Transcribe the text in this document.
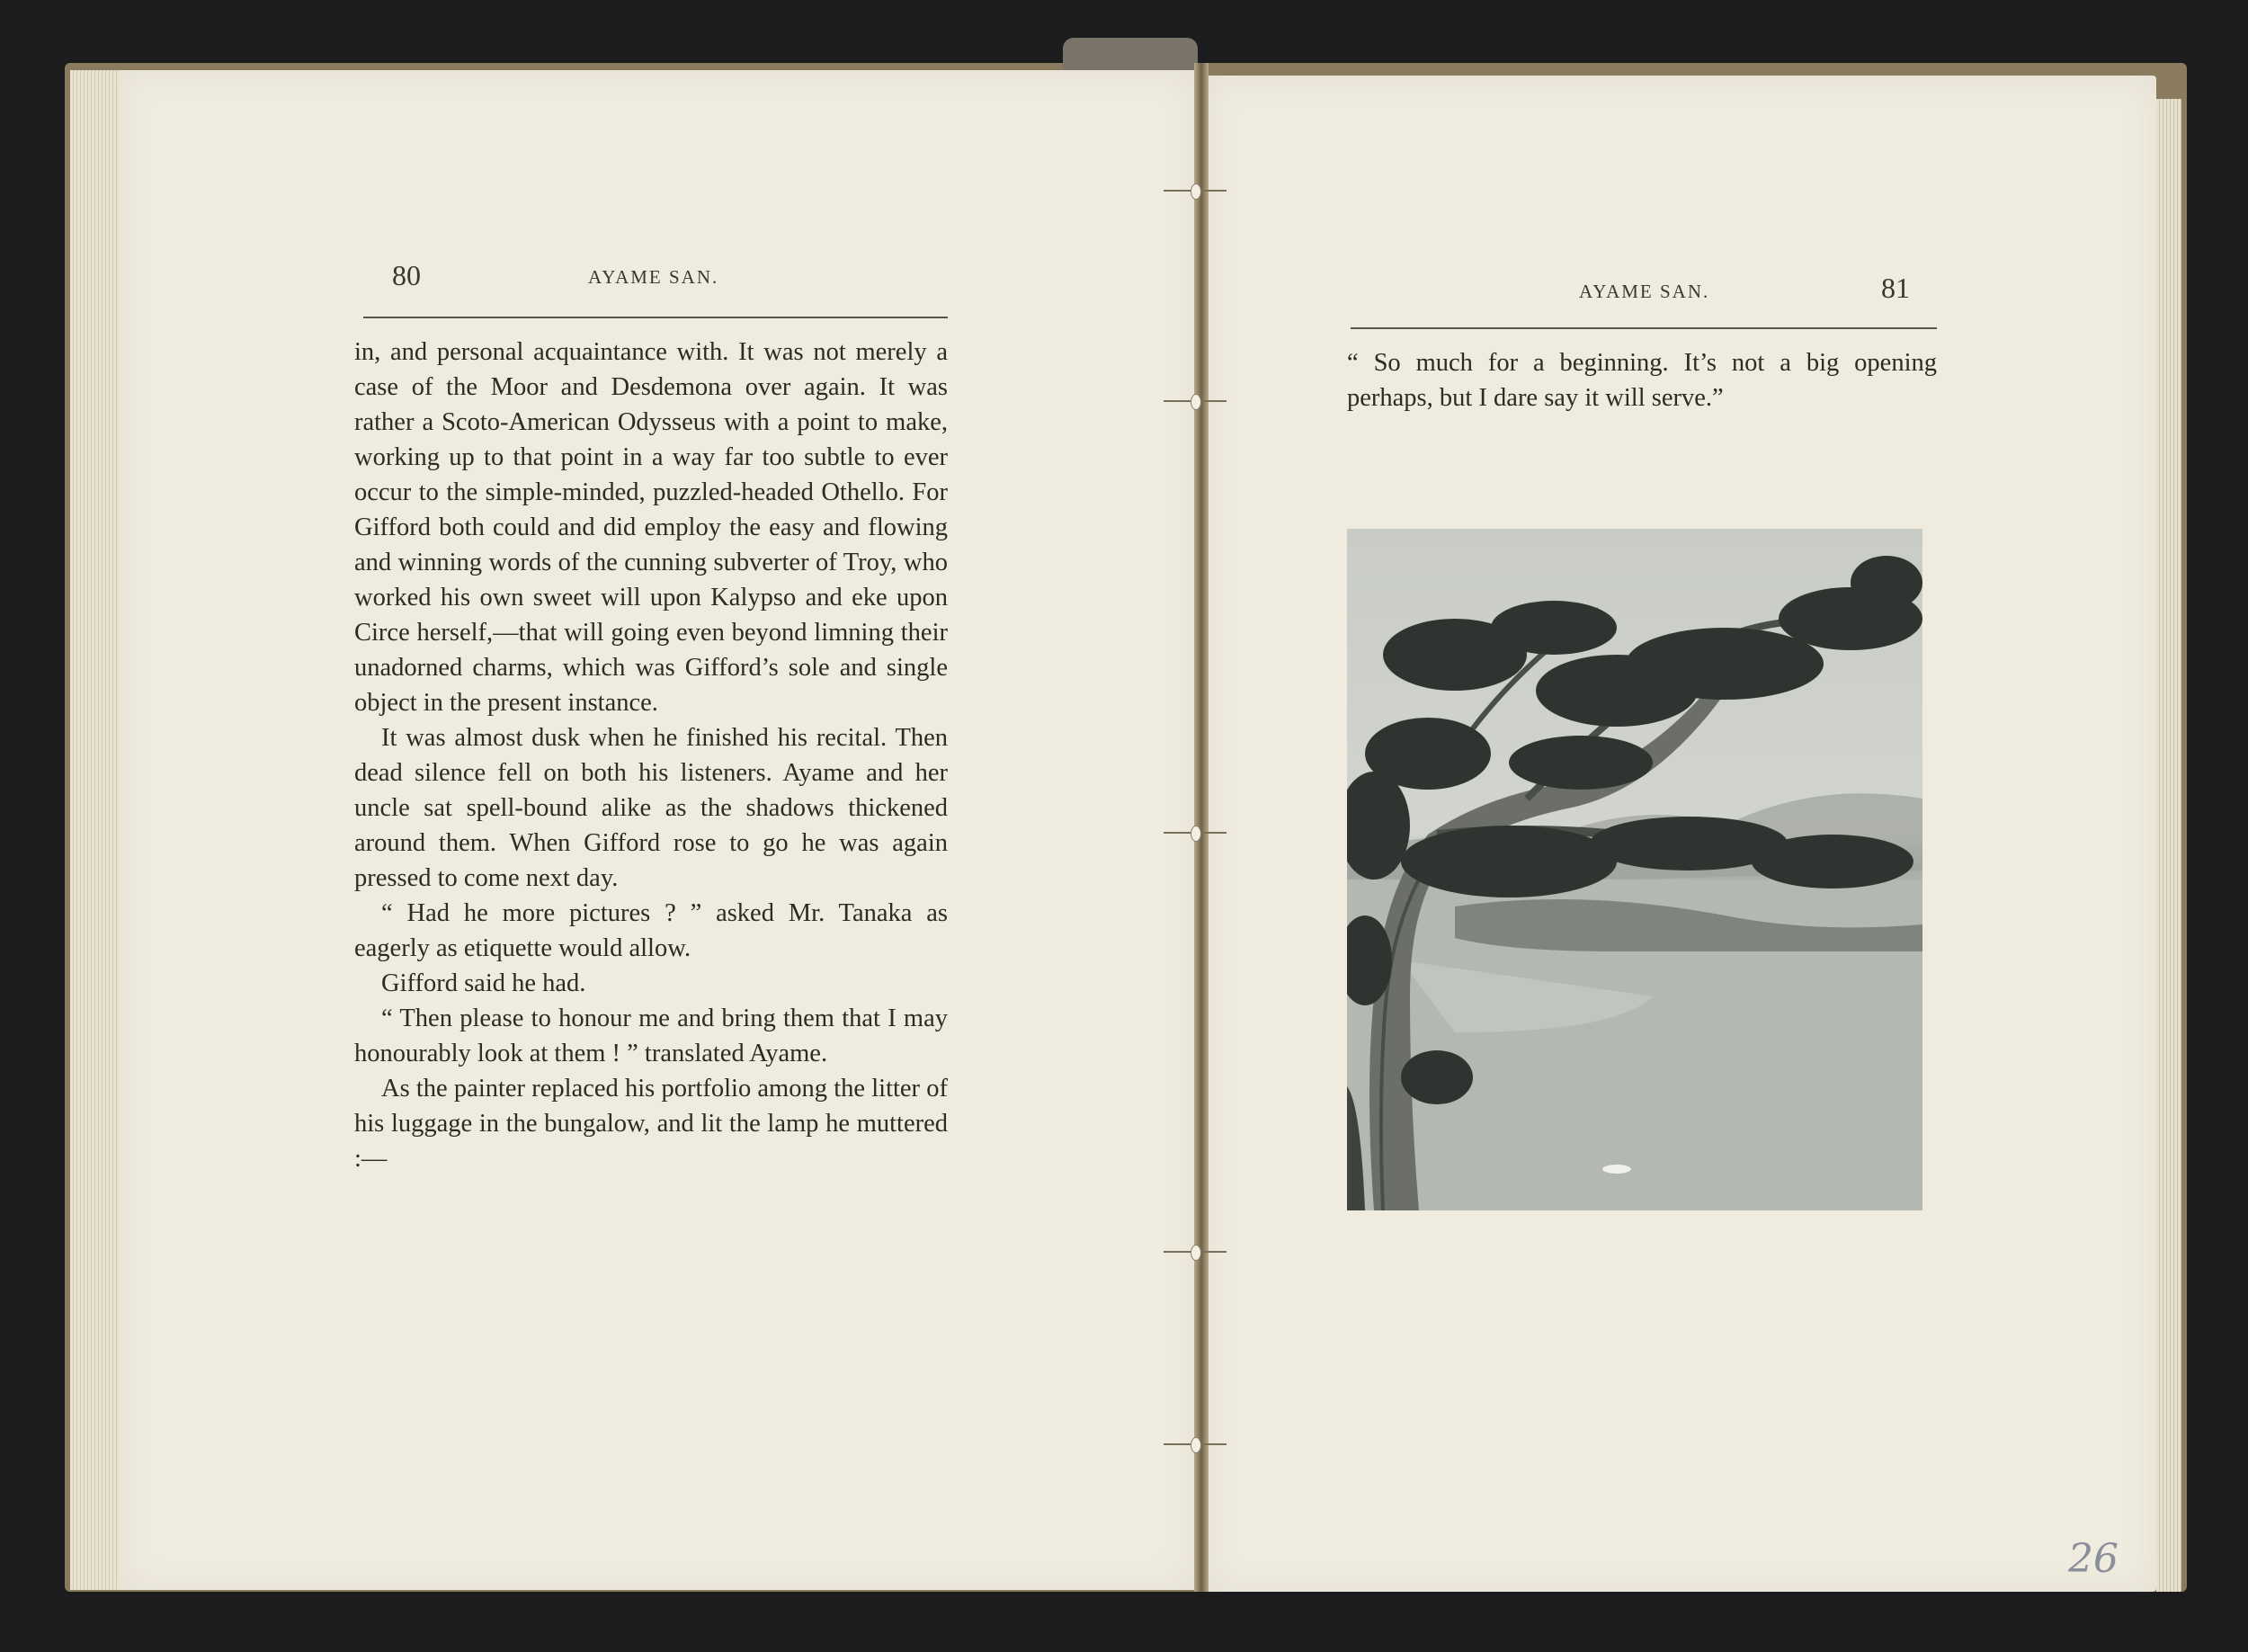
80	AYAME SAN.

in, and personal acquaintance with. It was not merely a case of the Moor and Desdemona over again. It was rather a Scoto-American Odysseus with a point to make, working up to that point in a way far too subtle to ever occur to the simple-minded, puzzled-headed Othello. For Gifford both could and did employ the easy and flowing and winning words of the cunning subverter of Troy, who worked his own sweet will upon Kalypso and eke upon Circe herself,—that will going even beyond limning their unadorned charms, which was Gifford’s sole and single object in the present instance.

It was almost dusk when he finished his recital. Then dead silence fell on both his listeners. Ayame and her uncle sat spell-bound alike as the shadows thickened around them. When Gifford rose to go he was again pressed to come next day.

“ Had he more pictures ? ” asked Mr. Tanaka as eagerly as etiquette would allow.

Gifford said he had.

“ Then please to honour me and bring them that I may honourably look at them ! ” translated Ayame.

As the painter replaced his portfolio among the litter of his luggage in the bungalow, and lit the lamp he muttered :—

AYAME SAN.	81

“ So much for a beginning. It’s not a big opening perhaps, but I dare say it will serve.”

26
